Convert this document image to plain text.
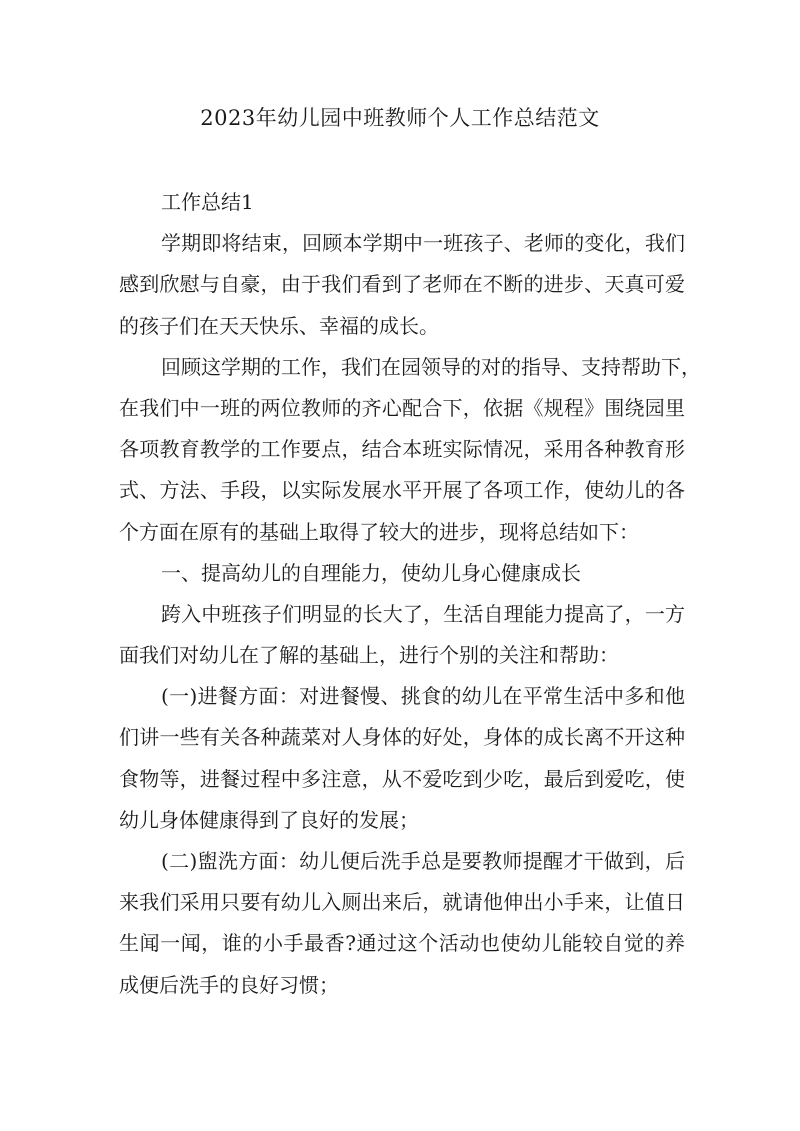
2023年幼儿园中班教师个人工作总结范文
工作总结1
学期即将结束，回顾本学期中一班孩子、老师的变化，我们
感到欣慰与自豪，由于我们看到了老师在不断的进步、天真可爱
的孩子们在天天快乐、幸福的成长。
回顾这学期的工作，我们在园领导的对的指导、支持帮助下，
在我们中一班的两位教师的齐心配合下，依据《规程》围绕园里
各项教育教学的工作要点，结合本班实际情况，采用各种教育形
式、方法、手段，以实际发展水平开展了各项工作，使幼儿的各
个方面在原有的基础上取得了较大的进步，现将总结如下：
一、提高幼儿的自理能力，使幼儿身心健康成长
跨入中班孩子们明显的长大了，生活自理能力提高了，一方
面我们对幼儿在了解的基础上，进行个别的关注和帮助：
(一)进餐方面：对进餐慢、挑食的幼儿在平常生活中多和他
们讲一些有关各种蔬菜对人身体的好处，身体的成长离不开这种
食物等，进餐过程中多注意，从不爱吃到少吃，最后到爱吃，使
幼儿身体健康得到了良好的发展；
(二)盥洗方面：幼儿便后洗手总是要教师提醒才干做到，后
来我们采用只要有幼儿入厕出来后，就请他伸出小手来，让值日
生闻一闻，谁的小手最香?通过这个活动也使幼儿能较自觉的养
成便后洗手的良好习惯；
